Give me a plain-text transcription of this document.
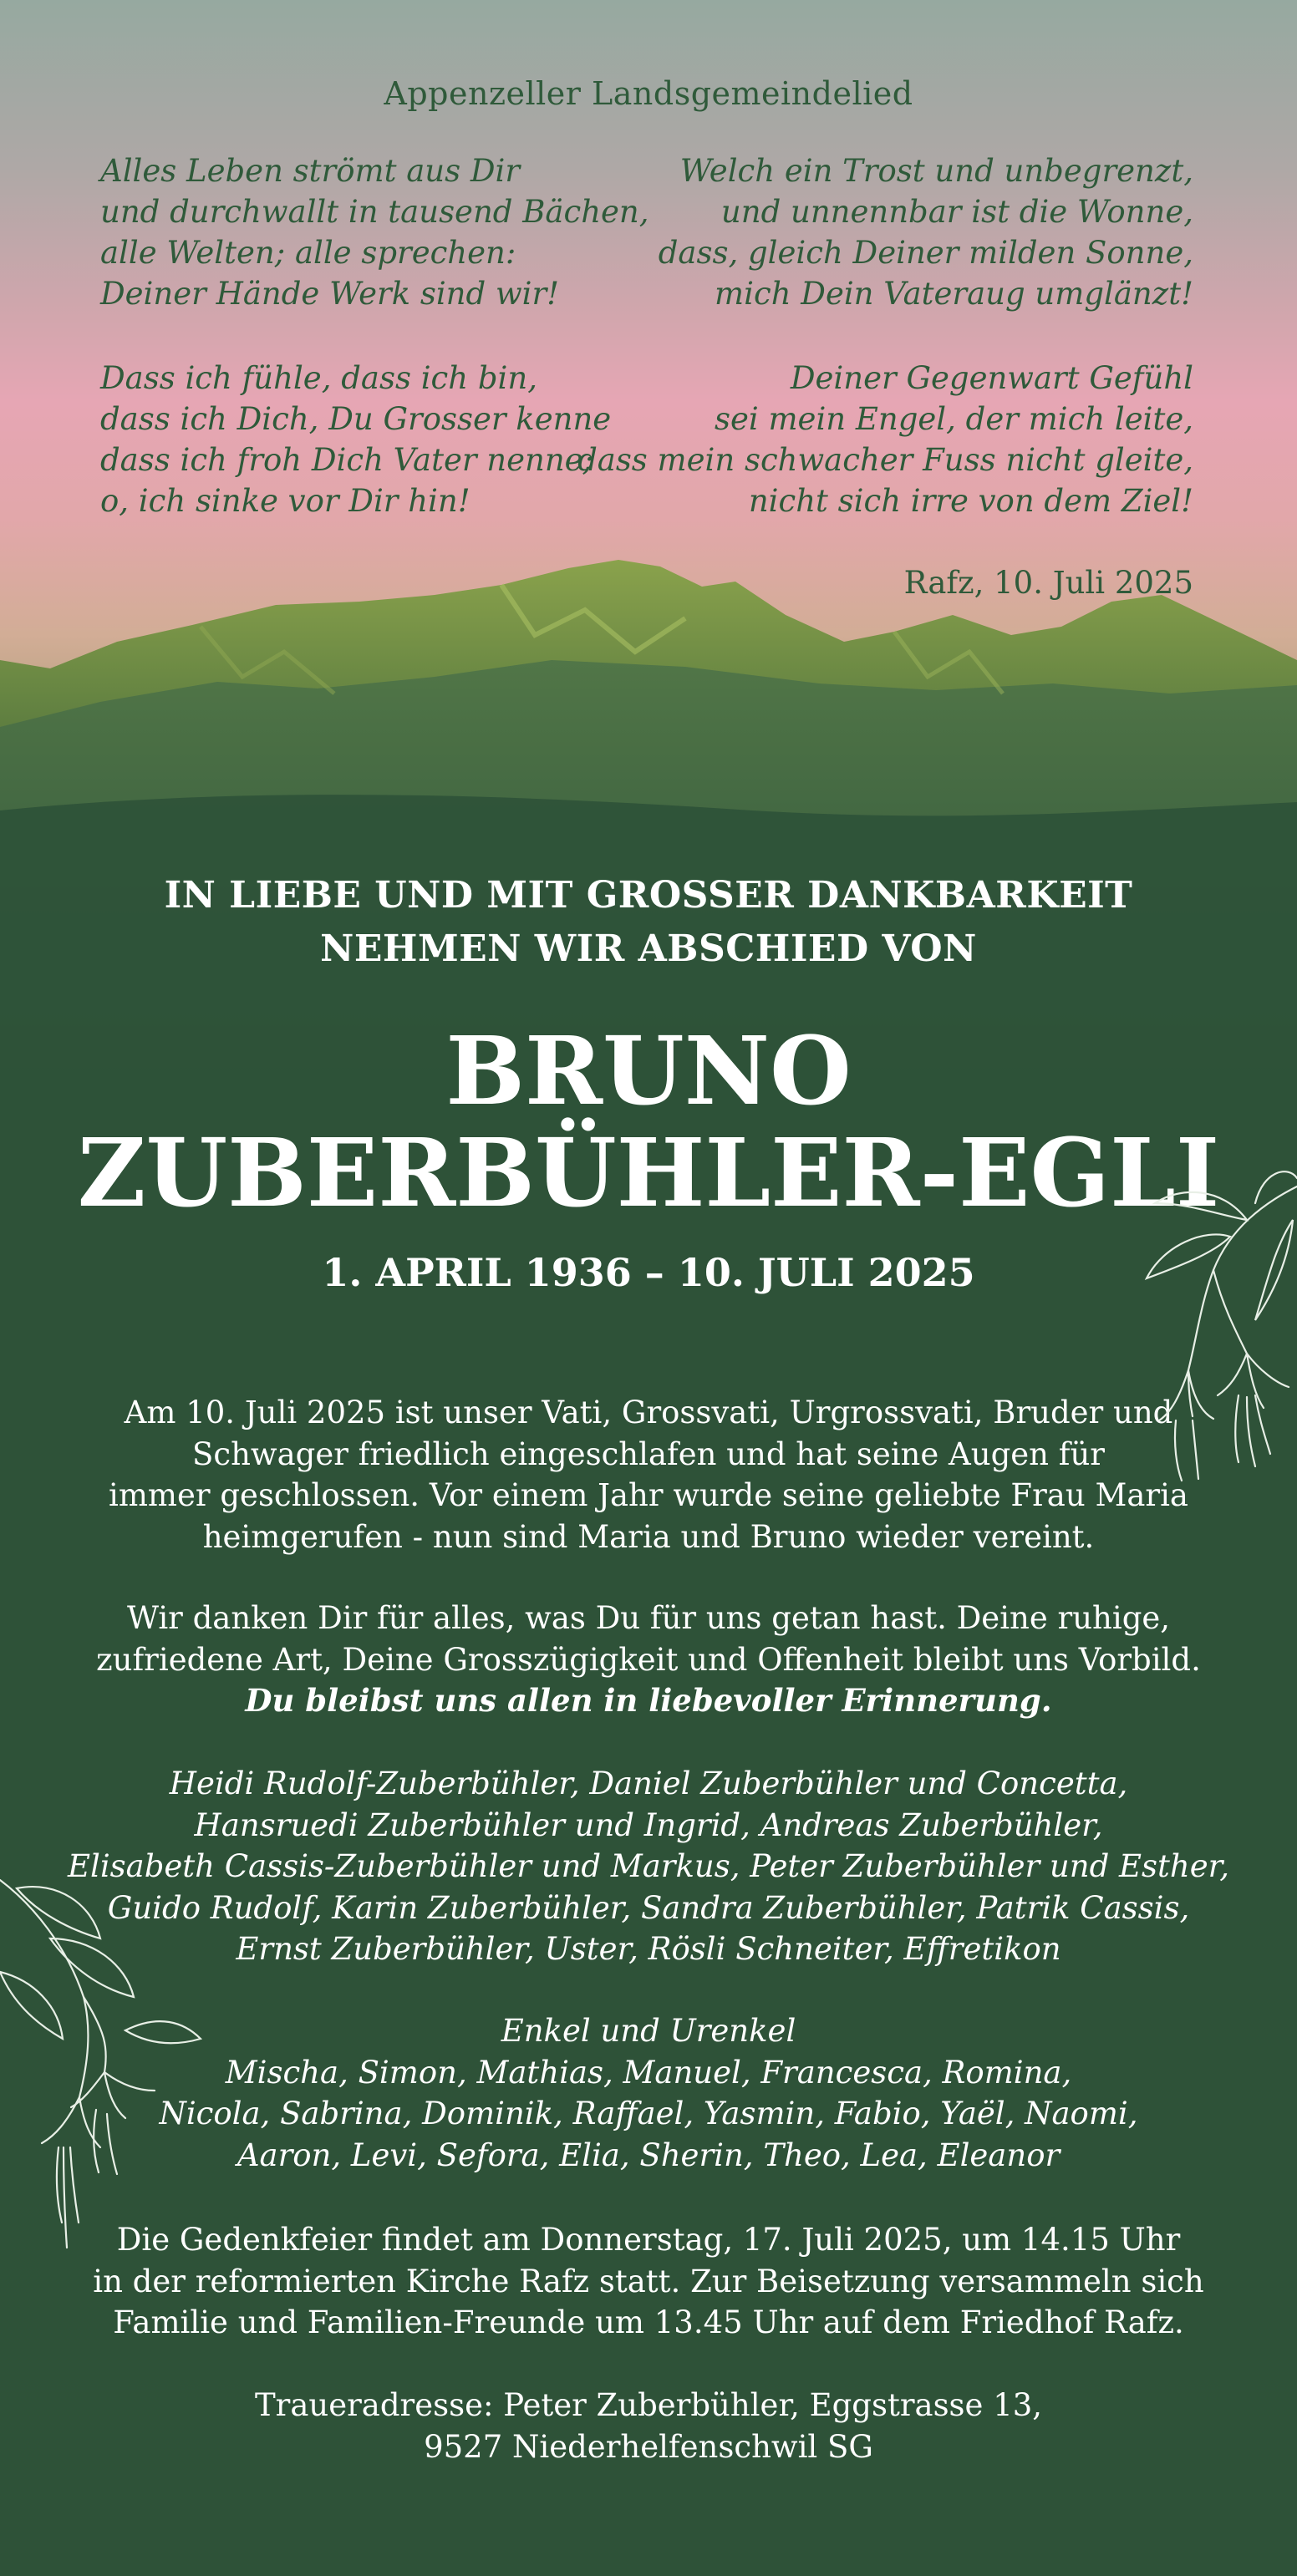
Appenzeller Landsgemeindelied
Alles Leben strömt aus Dir
und durchwallt in tausend Bächen,
alle Welten; alle sprechen:
Deiner Hände Werk sind wir!
Welch ein Trost und unbegrenzt,
und unnennbar ist die Wonne,
dass, gleich Deiner milden Sonne,
mich Dein Vateraug umglänzt!
Dass ich fühle, dass ich bin,
dass ich Dich, Du Grosser kenne
dass ich froh Dich Vater nenne;
o, ich sinke vor Dir hin!
Deiner Gegenwart Gefühl
sei mein Engel, der mich leite,
dass mein schwacher Fuss nicht gleite,
nicht sich irre von dem Ziel!
Rafz, 10. Juli 2025
IN LIEBE UND MIT GROSSER DANKBARKEIT
NEHMEN WIR ABSCHIED VON
BRUNO
ZUBERBÜHLER-EGLI
1. APRIL 1936 – 10. JULI 2025
Am 10. Juli 2025 ist unser Vati, Grossvati, Urgrossvati, Bruder und
Schwager friedlich eingeschlafen und hat seine Augen für
immer geschlossen. Vor einem Jahr wurde seine geliebte Frau Maria
heimgerufen - nun sind Maria und Bruno wieder vereint.
Wir danken Dir für alles, was Du für uns getan hast. Deine ruhige,
zufriedene Art, Deine Grosszügigkeit und Offenheit bleibt uns Vorbild.
Du bleibst uns allen in liebevoller Erinnerung.
Heidi Rudolf-Zuberbühler, Daniel Zuberbühler und Concetta,
Hansruedi Zuberbühler und Ingrid, Andreas Zuberbühler,
Elisabeth Cassis-Zuberbühler und Markus, Peter Zuberbühler und Esther,
Guido Rudolf, Karin Zuberbühler, Sandra Zuberbühler, Patrik Cassis,
Ernst Zuberbühler, Uster, Rösli Schneiter, Effretikon
Enkel und Urenkel
Mischa, Simon, Mathias, Manuel, Francesca, Romina,
Nicola, Sabrina, Dominik, Raffael, Yasmin, Fabio, Yaël, Naomi,
Aaron, Levi, Sefora, Elia, Sherin, Theo, Lea, Eleanor
Die Gedenkfeier findet am Donnerstag, 17. Juli 2025, um 14.15 Uhr
in der reformierten Kirche Rafz statt. Zur Beisetzung versammeln sich
Familie und Familien-Freunde um 13.45 Uhr auf dem Friedhof Rafz.
Traueradresse: Peter Zuberbühler, Eggstrasse 13,
9527 Niederhelfenschwil SG
